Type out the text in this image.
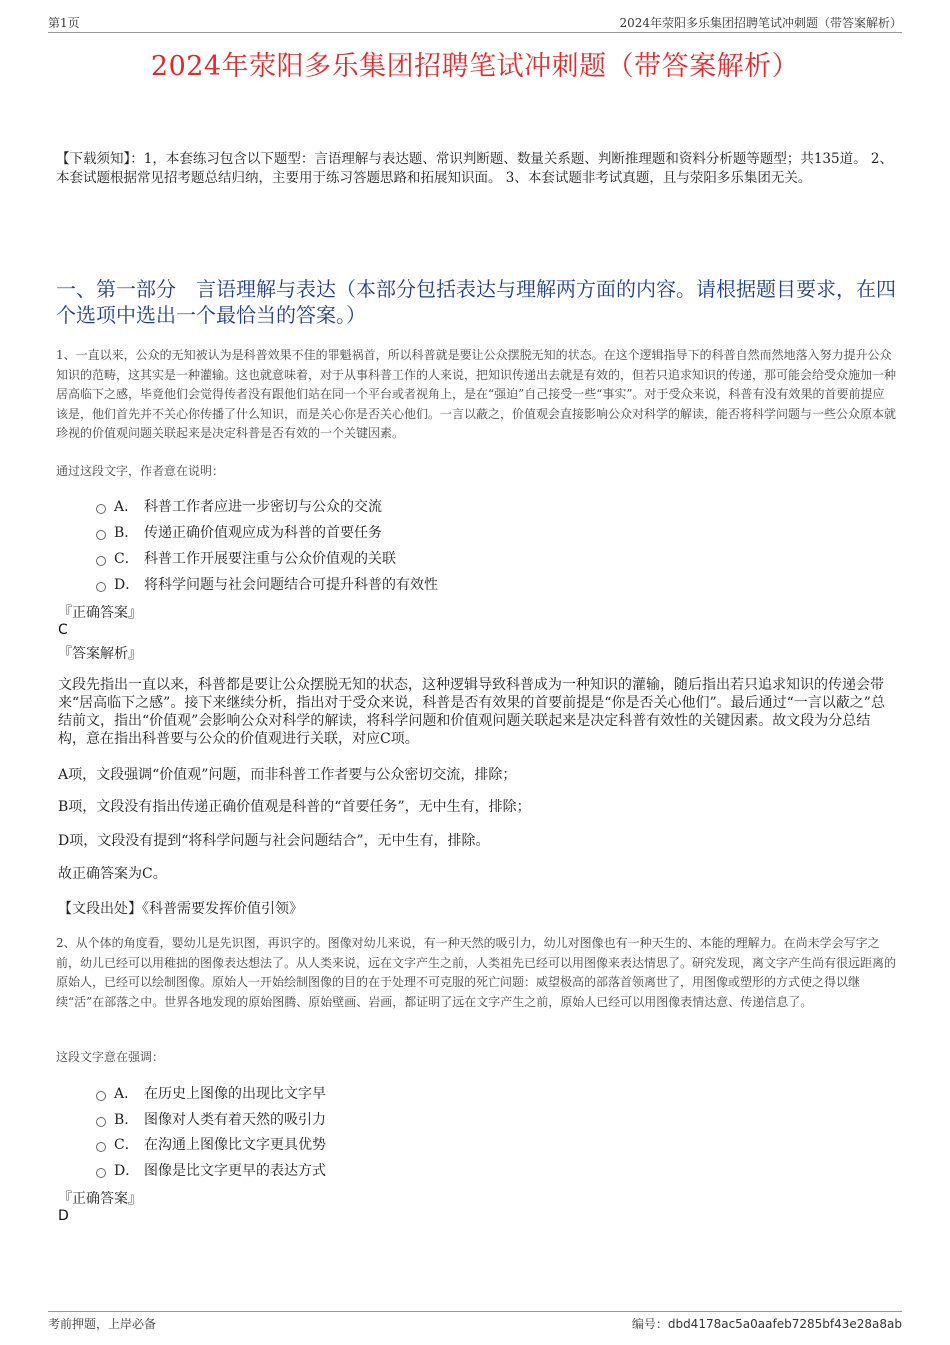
第1页	2024年荥阳多乐集团招聘笔试冲刺题（带答案解析）
2024年荥阳多乐集团招聘笔试冲刺题（带答案解析）
【下载须知】：1，本套练习包含以下题型：言语理解与表达题、常识判断题、数量关系题、判断推理题和资料分析题等题型；共135道。 2、本套试题根据常见招考题总结归纳，主要用于练习答题思路和拓展知识面。 3、本套试题非考试真题，且与荥阳多乐集团无关。
一、第一部分　言语理解与表达（本部分包括表达与理解两方面的内容。请根据题目要求，在四个选项中选出一个最恰当的答案。）
1、一直以来，公众的无知被认为是科普效果不佳的罪魁祸首，所以科普就是要让公众摆脱无知的状态。在这个逻辑指导下的科普自然而然地落入努力提升公众知识的范畴，这其实是一种灌输。这也就意味着，对于从事科普工作的人来说，把知识传递出去就是有效的，但若只追求知识的传递，那可能会给受众施加一种居高临下之感，毕竟他们会觉得传者没有跟他们站在同一个平台或者视角上，是在“强迫”自己接受一些“事实”。对于受众来说，科普有没有效果的首要前提应该是，他们首先并不关心你传播了什么知识，而是关心你是否关心他们。一言以蔽之，价值观会直接影响公众对科学的解读，能否将科学问题与一些公众原本就珍视的价值观问题关联起来是决定科普是否有效的一个关键因素。
通过这段文字，作者意在说明：
A． 科普工作者应进一步密切与公众的交流
B． 传递正确价值观应成为科普的首要任务
C． 科普工作开展要注重与公众价值观的关联
D． 将科学问题与社会问题结合可提升科普的有效性
『正确答案』
C
『答案解析』
文段先指出一直以来，科普都是要让公众摆脱无知的状态，这种逻辑导致科普成为一种知识的灌输，随后指出若只追求知识的传递会带来“居高临下之感”。接下来继续分析，指出对于受众来说，科普是否有效果的首要前提是“你是否关心他们”。最后通过“一言以蔽之”总结前文，指出“价值观”会影响公众对科学的解读，将科学问题和价值观问题关联起来是决定科普有效性的关键因素。故文段为分总结构，意在指出科普要与公众的价值观进行关联，对应C项。
A项，文段强调“价值观”问题，而非科普工作者要与公众密切交流，排除；
B项，文段没有指出传递正确价值观是科普的“首要任务”，无中生有，排除；
D项，文段没有提到“将科学问题与社会问题结合”，无中生有，排除。
故正确答案为C。
【文段出处】《科普需要发挥价值引领》
2、从个体的角度看，婴幼儿是先识图，再识字的。图像对幼儿来说，有一种天然的吸引力，幼儿对图像也有一种天生的、本能的理解力。在尚未学会写字之前，幼儿已经可以用稚拙的图像表达想法了。从人类来说，远在文字产生之前，人类祖先已经可以用图像来表达情思了。研究发现，离文字产生尚有很远距离的原始人，已经可以绘制图像。原始人一开始绘制图像的目的在于处理不可克服的死亡问题：威望极高的部落首领离世了，用图像或塑形的方式使之得以继续“活”在部落之中。世界各地发现的原始图腾、原始壁画、岩画，都证明了远在文字产生之前，原始人已经可以用图像表情达意、传递信息了。
这段文字意在强调：
A． 在历史上图像的出现比文字早
B． 图像对人类有着天然的吸引力
C． 在沟通上图像比文字更具优势
D． 图像是比文字更早的表达方式
『正确答案』
D
考前押题，上岸必备	编号：dbd4178ac5a0aafeb7285bf43e28a8ab
